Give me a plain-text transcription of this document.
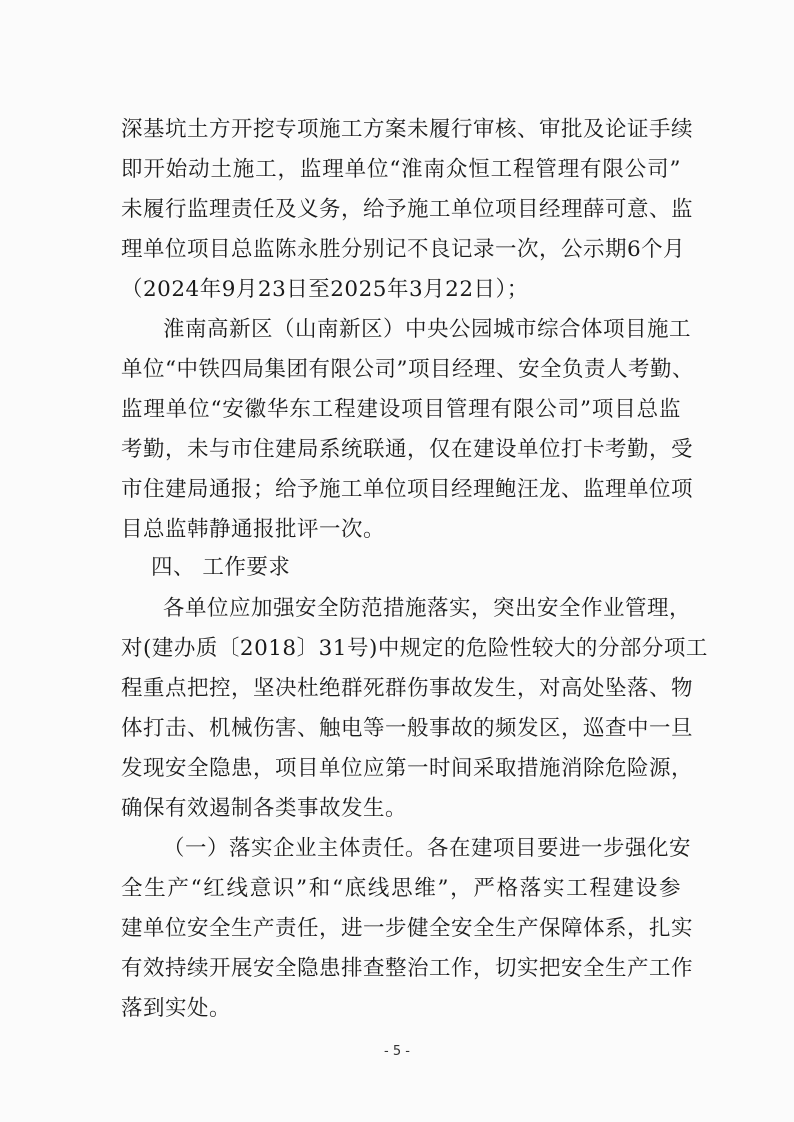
深基坑土方开挖专项施工方案未履行审核、审批及论证手续
即开始动土施工，监理单位“淮南众恒工程管理有限公司”
未履行监理责任及义务，给予施工单位项目经理薛可意、监
理单位项目总监陈永胜分别记不良记录一次，公示期6个月
（2024年9月23日至2025年3月22日）；
淮南高新区（山南新区）中央公园城市综合体项目施工
单位“中铁四局集团有限公司”项目经理、安全负责人考勤、
监理单位“安徽华东工程建设项目管理有限公司”项目总监
考勤，未与市住建局系统联通，仅在建设单位打卡考勤，受
市住建局通报；给予施工单位项目经理鲍汪龙、监理单位项
目总监韩静通报批评一次。
四、 工作要求
各单位应加强安全防范措施落实，突出安全作业管理，
对(建办质〔2018〕31号)中规定的危险性较大的分部分项工
程重点把控，坚决杜绝群死群伤事故发生，对高处坠落、物
体打击、机械伤害、触电等一般事故的频发区，巡查中一旦
发现安全隐患，项目单位应第一时间采取措施消除危险源，
确保有效遏制各类事故发生。
（一）落实企业主体责任。各在建项目要进一步强化安
全生产“红线意识”和“底线思维”，严格落实工程建设参
建单位安全生产责任，进一步健全安全生产保障体系，扎实
有效持续开展安全隐患排查整治工作，切实把安全生产工作
落到实处。
- 5 -
